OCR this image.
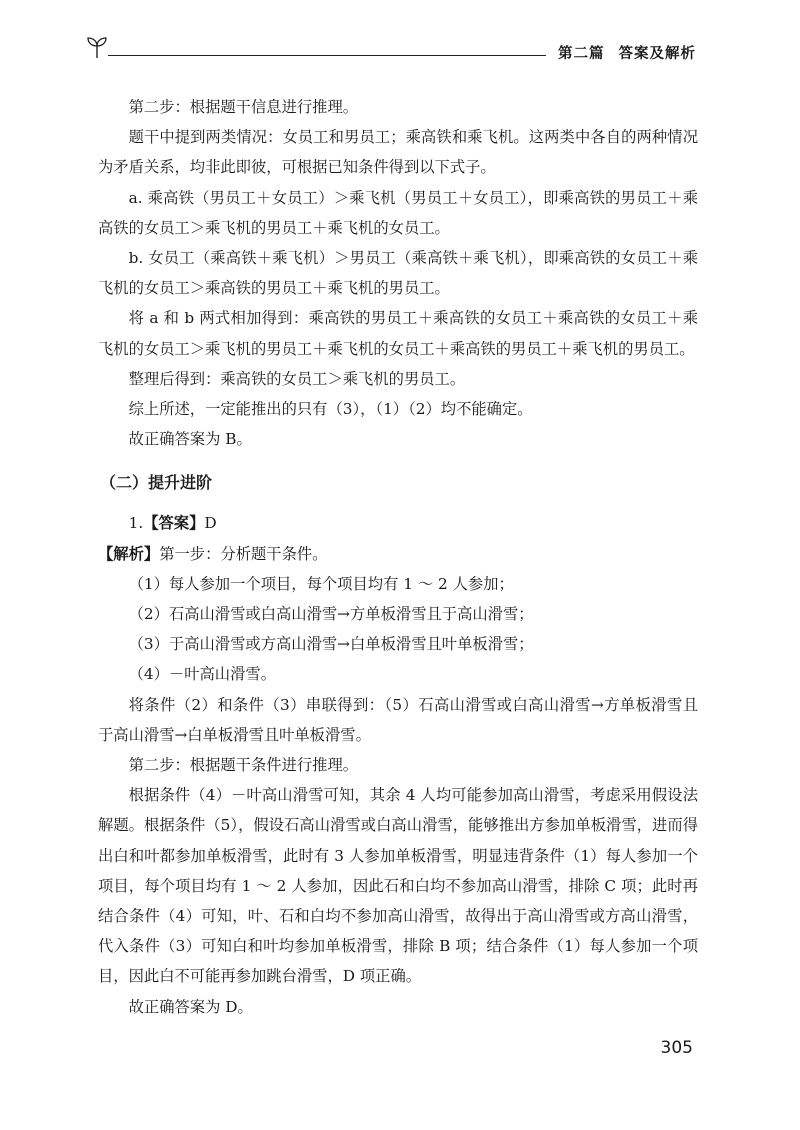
第二篇 答案及解析

第二步：根据题干信息进行推理。

题干中提到两类情况：女员工和男员工；乘高铁和乘飞机。这两类中各自的两种情况为矛盾关系，均非此即彼，可根据已知条件得到以下式子。

a. 乘高铁（男员工＋女员工）＞乘飞机（男员工＋女员工），即乘高铁的男员工＋乘高铁的女员工＞乘飞机的男员工＋乘飞机的女员工。

b. 女员工（乘高铁＋乘飞机）＞男员工（乘高铁＋乘飞机），即乘高铁的女员工＋乘飞机的女员工＞乘高铁的男员工＋乘飞机的男员工。

将 a 和 b 两式相加得到：乘高铁的男员工＋乘高铁的女员工＋乘高铁的女员工＋乘飞机的女员工＞乘飞机的男员工＋乘飞机的女员工＋乘高铁的男员工＋乘飞机的男员工。

整理后得到：乘高铁的女员工＞乘飞机的男员工。

综上所述，一定能推出的只有（3），（1）（2）均不能确定。

故正确答案为 B。

（二）提升进阶

1.【答案】D

【解析】第一步：分析题干条件。

（1）每人参加一个项目，每个项目均有 1 ～ 2 人参加；

（2）石高山滑雪或白高山滑雪→方单板滑雪且于高山滑雪；

（3）于高山滑雪或方高山滑雪→白单板滑雪且叶单板滑雪；

（4）－叶高山滑雪。

将条件（2）和条件（3）串联得到：（5）石高山滑雪或白高山滑雪→方单板滑雪且于高山滑雪→白单板滑雪且叶单板滑雪。

第二步：根据题干条件进行推理。

根据条件（4）－叶高山滑雪可知，其余 4 人均可能参加高山滑雪，考虑采用假设法解题。根据条件（5），假设石高山滑雪或白高山滑雪，能够推出方参加单板滑雪，进而得出白和叶都参加单板滑雪，此时有 3 人参加单板滑雪，明显违背条件（1）每人参加一个项目，每个项目均有 1 ～ 2 人参加，因此石和白均不参加高山滑雪，排除 C 项；此时再结合条件（4）可知，叶、石和白均不参加高山滑雪，故得出于高山滑雪或方高山滑雪，代入条件（3）可知白和叶均参加单板滑雪，排除 B 项；结合条件（1）每人参加一个项目，因此白不可能再参加跳台滑雪，D 项正确。

故正确答案为 D。

305
